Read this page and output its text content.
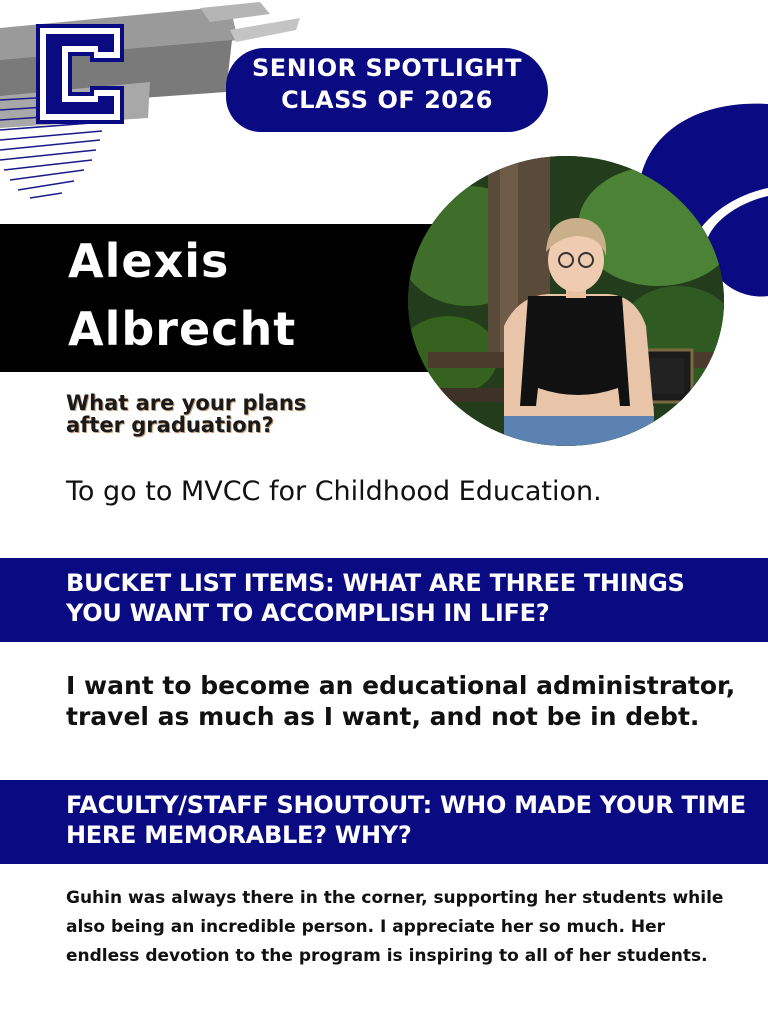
C
SENIOR SPOTLIGHT
CLASS OF 2026
Alexis
Albrecht
What are your plans after graduation?
To go to MVCC for Childhood Education.
BUCKET LIST ITEMS: WHAT ARE THREE THINGS YOU WANT TO ACCOMPLISH IN LIFE?
I want to become an educational administrator, travel as much as I want, and not be in debt.
FACULTY/STAFF SHOUTOUT: WHO MADE YOUR TIME HERE MEMORABLE? WHY?
Guhin was always there in the corner, supporting her students while also being an incredible person. I appreciate her so much. Her endless devotion to the program is inspiring to all of her students.
